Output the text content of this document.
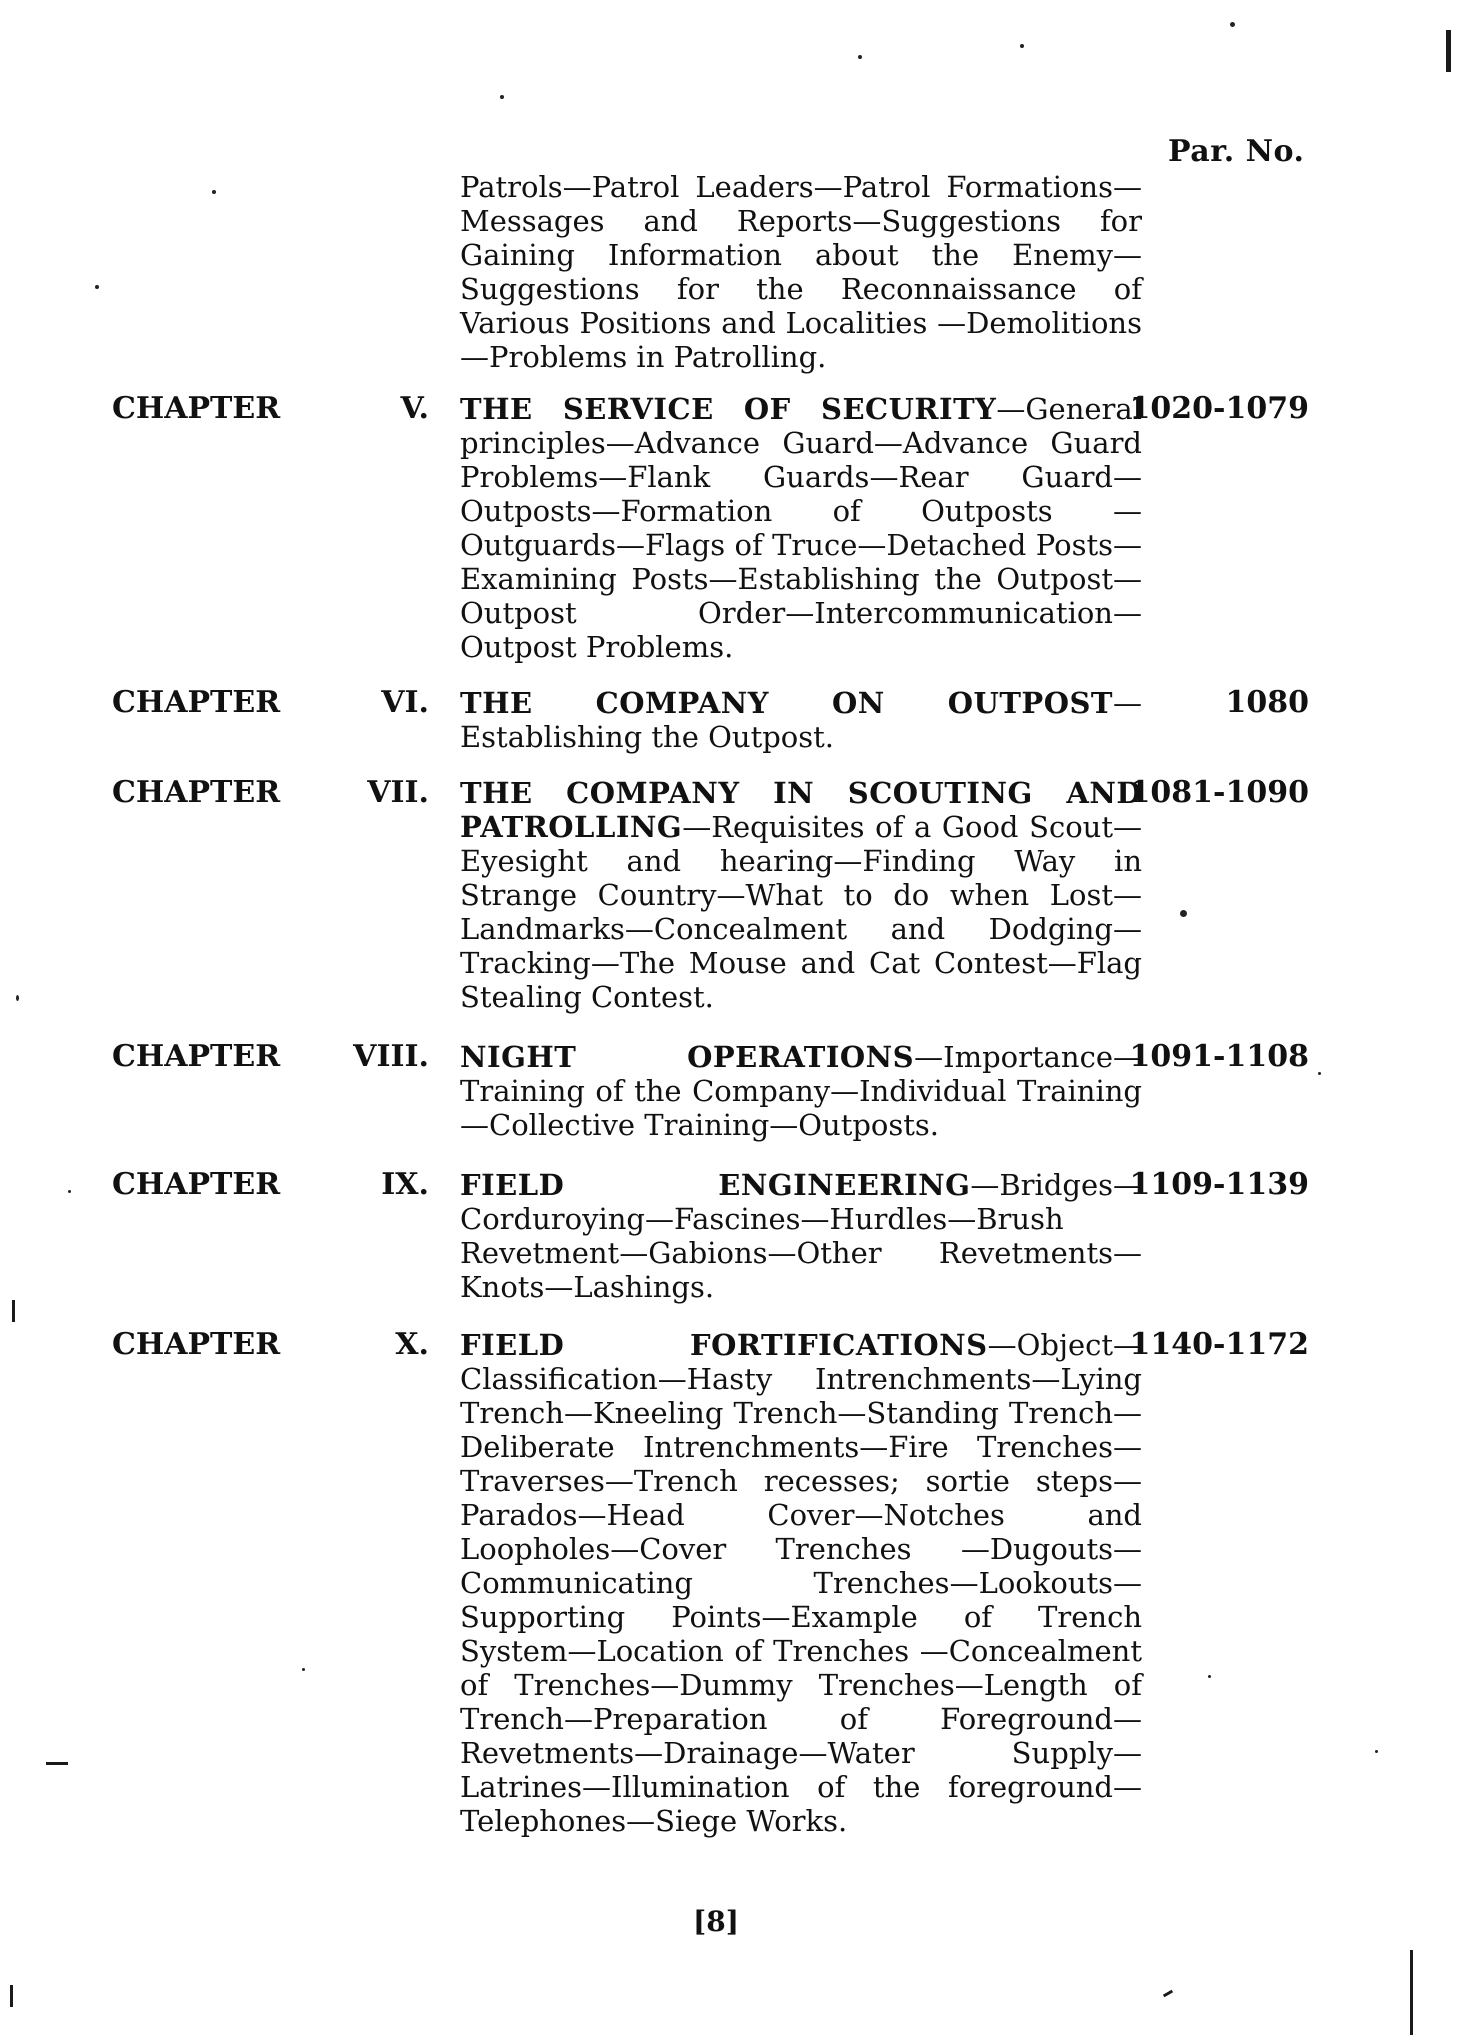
Par. No.
Patrols—Patrol Leaders—Patrol Formations—Messages and Reports—Suggestions for Gaining Information about the Enemy—Suggestions for the Reconnaissance of Various Positions and Localities —Demolitions—Problems in Patrolling.
CHAPTER	V. THE SERVICE OF SECURITY—General principles—Advance Guard—Advance Guard Problems—Flank Guards—Rear Guard—Outposts—Formation of Outposts —Outguards—Flags of Truce—Detached Posts—Examining Posts—Establishing the Outpost—Outpost Order—Intercommunication—Outpost Problems.
1020-1079
CHAPTER	VI. THE COMPANY ON OUTPOST—Establishing the Outpost.
1080
CHAPTER	VII. THE COMPANY IN SCOUTING AND PATROLLING—Requisites of a Good Scout—Eyesight and hearing—Finding Way in Strange Country—What to do when Lost—Landmarks—Concealment and Dodging—Tracking—The Mouse and Cat Contest—Flag Stealing Contest.
1081-1090
CHAPTER VIII. NIGHT OPERATIONS—Importance—Training of the Company—Individual Training—Collective Training—Outposts.
1091-1108
CHAPTER	IX. FIELD ENGINEERING—Bridges—Corduroying—Fascines—Hurdles—Brush Revetment—Gabions—Other Revetments—Knots—Lashings.
1109-1139
CHAPTER	X. FIELD FORTIFICATIONS—Object—Classification—Hasty Intrenchments—Lying Trench—Kneeling Trench—Standing Trench—Deliberate Intrenchments—Fire Trenches—Traverses—Trench recesses; sortie steps—Parados—Head Cover—Notches and Loopholes—Cover Trenches —Dugouts—Communicating Trenches—Lookouts—Supporting Points—Example of Trench System—Location of Trenches —Concealment of Trenches—Dummy Trenches—Length of Trench—Preparation of Foreground—Revetments—Drainage—Water Supply—Latrines—Illumination of the foreground—Telephones—Siege Works.
1140-1172
[8]
